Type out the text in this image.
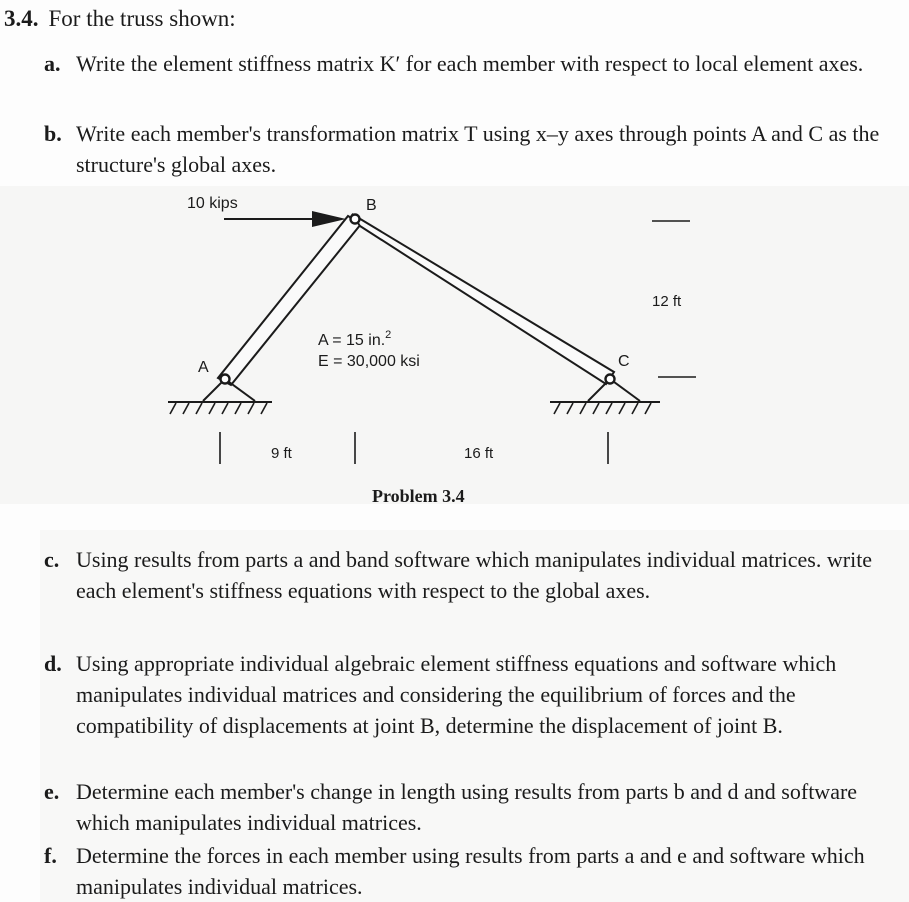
3.4. For the truss shown:
a. Write the element stiffness matrix K′ for each member with respect to local element axes.
b. Write each member's transformation matrix T using x–y axes through points A and C as the structure's global axes.
10 kips	B
A	C
A = 15 in.$^2$
E = 30,000 ksi
12 ft
9 ft	16 ft
Problem 3.4
c. Using results from parts a and band software which manipulates individual matrices. write each element's stiffness equations with respect to the global axes.
d. Using appropriate individual algebraic element stiffness equations and software which manipulates individual matrices and considering the equilibrium of forces and the compatibility of displacements at joint B, determine the displacement of joint B.
e. Determine each member's change in length using results from parts b and d and software which manipulates individual matrices.
f. Determine the forces in each member using results from parts a and e and software which manipulates individual matrices.
